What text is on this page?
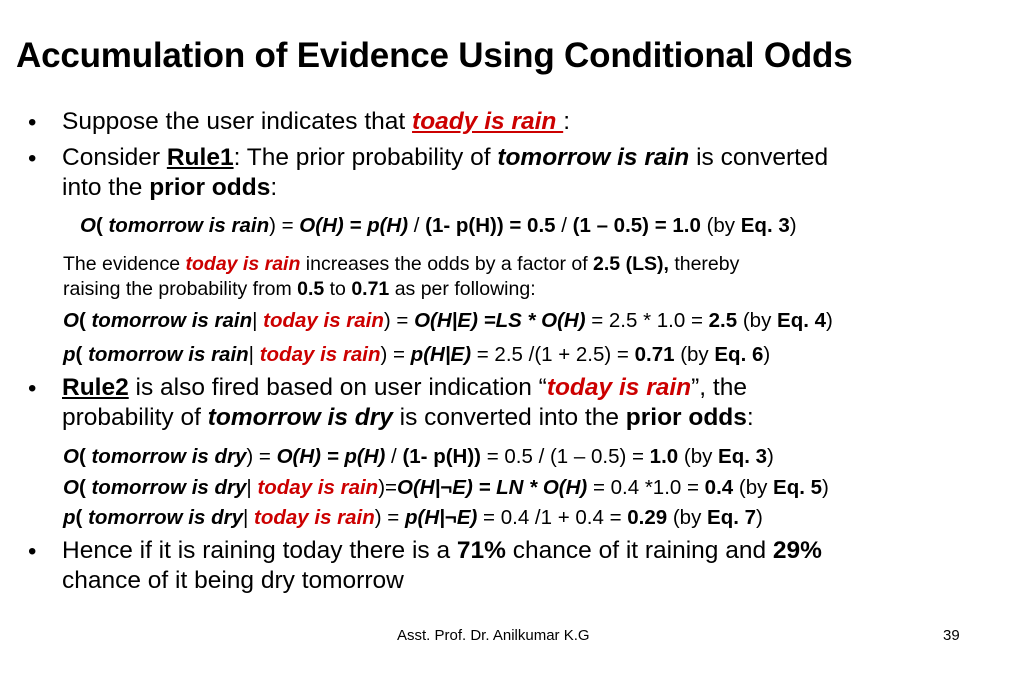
Accumulation of Evidence Using Conditional Odds
• Suppose the user indicates that toady is rain :
• Consider Rule1: The prior probability of tomorrow is rain is converted
into the prior odds:
O( tomorrow is rain) = O(H) = p(H) / (1- p(H)) = 0.5 / (1 – 0.5) = 1.0 (by Eq. 3)
The evidence today is rain increases the odds by a factor of 2.5 (LS), thereby
raising the probability from 0.5 to 0.71 as per following:
O( tomorrow is rain| today is rain) = O(H|E) =LS * O(H) = 2.5 * 1.0 = 2.5 (by Eq. 4)
p( tomorrow is rain| today is rain) = p(H|E) = 2.5 /(1 + 2.5) = 0.71 (by Eq. 6)
• Rule2 is also fired based on user indication “today is rain”, the
probability of tomorrow is dry is converted into the prior odds:
O( tomorrow is dry) = O(H) = p(H) / (1- p(H)) = 0.5 / (1 – 0.5) = 1.0 (by Eq. 3)
O( tomorrow is dry| today is rain)=O(H|¬E) = LN * O(H) = 0.4 *1.0 = 0.4 (by Eq. 5)
p( tomorrow is dry| today is rain) = p(H|¬E) = 0.4 /1 + 0.4 = 0.29 (by Eq. 7)
• Hence if it is raining today there is a 71% chance of it raining and 29%
chance of it being dry tomorrow
Asst. Prof. Dr. Anilkumar K.G	39
